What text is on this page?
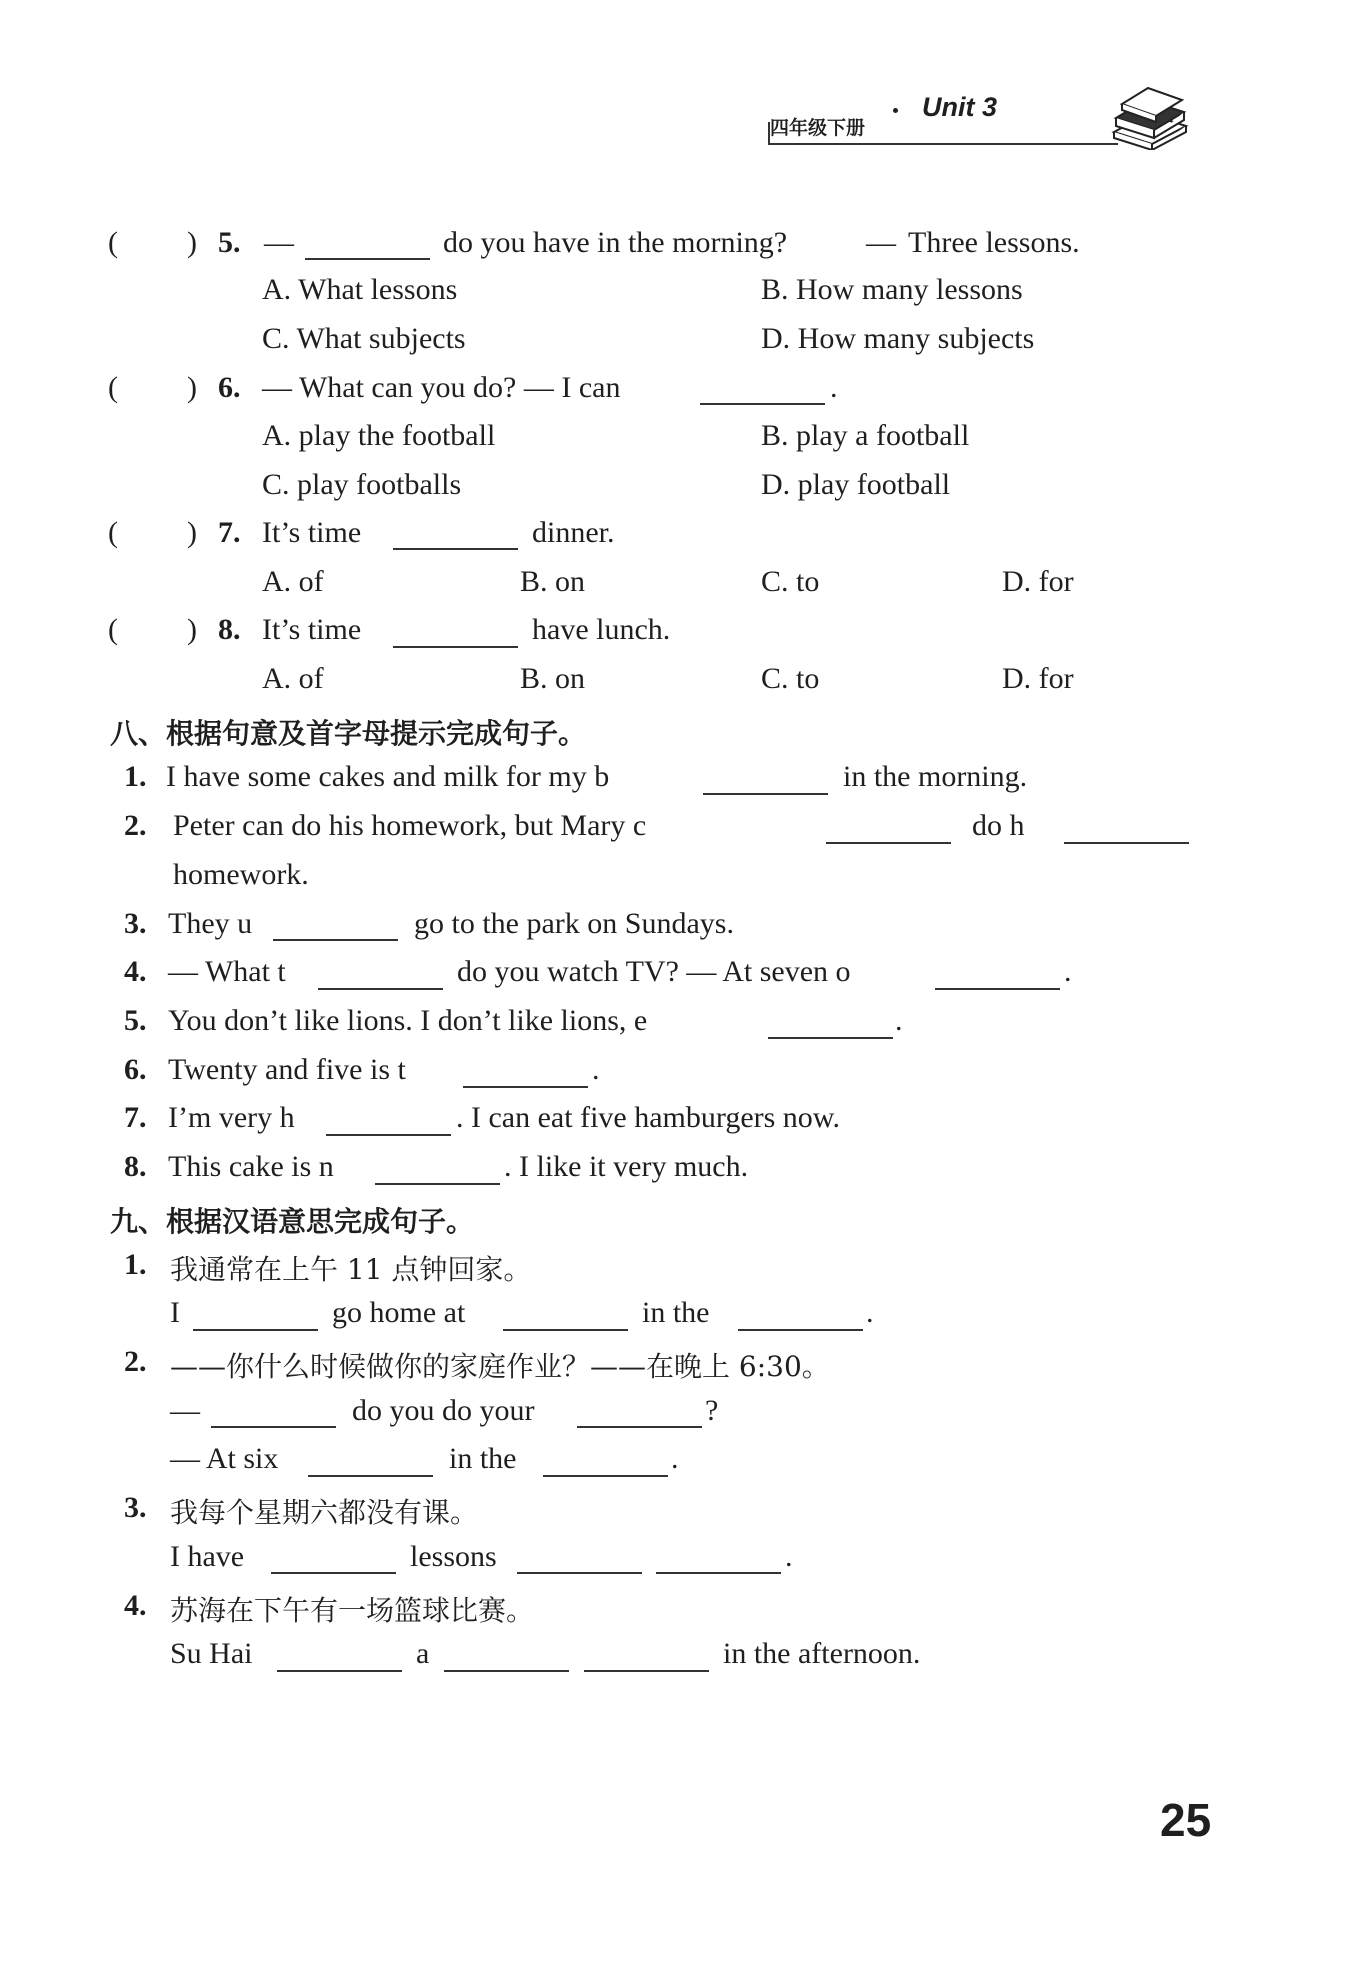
四年级下册
Unit 3
( ) 5. —	do you have in the morning?	— Three lessons.
A. What lessons	B. How many lessons
C. What subjects	D. How many subjects
( ) 6. — What can you do? — I can	.
A. play the football	B. play a football
C. play footballs	D. play football
( ) 7. It’s time	dinner.
A. of	B. on	C. to	D. for
( ) 8. It’s time	have lunch.
A. of	B. on	C. to	D. for
八、根据句意及首字母提示完成句子。
1. I have some cakes and milk for my b	in the morning.
2. Peter can do his homework, but Mary c	do h
homework.
3. They u	go to the park on Sundays.
4. — What t	do you watch TV? — At seven o	.
5. You don’t like lions. I don’t like lions, e	.
6. Twenty and five is t	.
7. I’m very h	. I can eat five hamburgers now.
8. This cake is n	. I like it very much.
九、根据汉语意思完成句子。
1. 我通常在上午 11 点钟回家。
I	go home at	in the	.
2. ——你什么时候做你的家庭作业？——在晚上 6:30。
—	do you do your	?
— At six	in the	.
3. 我每个星期六都没有课。
I have	lessons	.
4. 苏海在下午有一场篮球比赛。
Su Hai	a	in the afternoon.
25
